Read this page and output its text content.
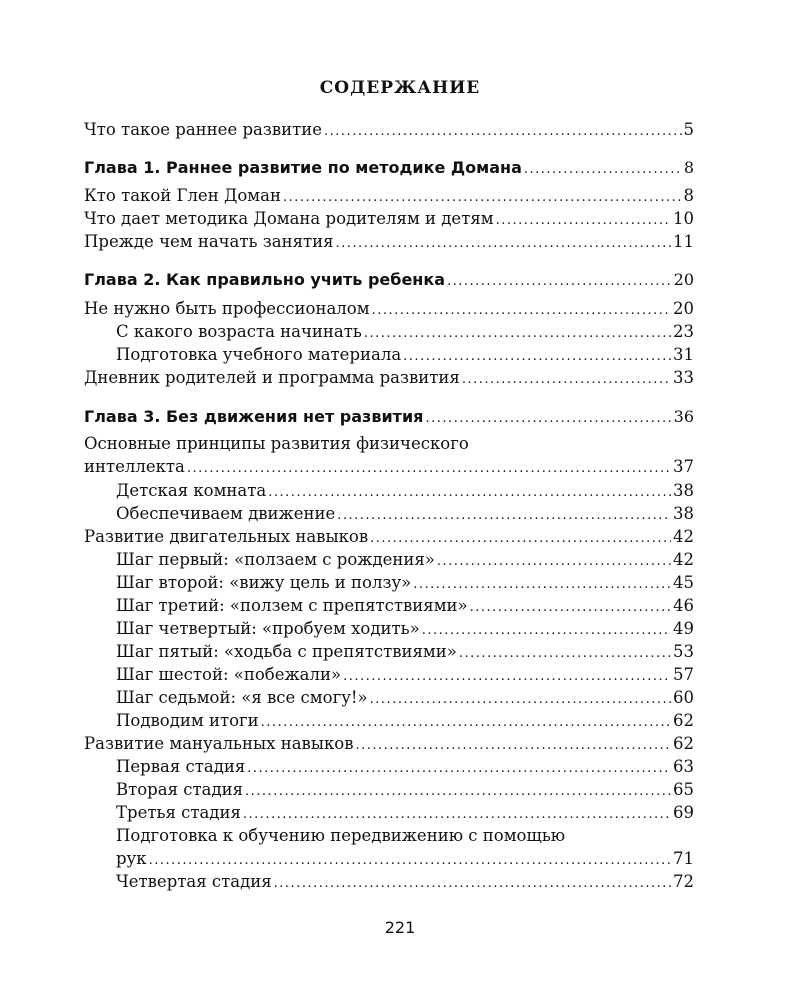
СОДЕРЖАНИЕ
Что такое раннее развитие .....	5
Глава 1. Раннее развитие по методике Домана .....	8
Кто такой Глен Доман .....	8
Что дает методика Домана родителям и детям .....	10
Прежде чем начать занятия .....	11
Глава 2. Как правильно учить ребенка .....	20
Не нужно быть профессионалом .....	20
С какого возраста начинать .....	23
Подготовка учебного материала .....	31
Дневник родителей и программа развития .....	33
Глава 3. Без движения нет развития .....	36
Основные принципы развития физического
интеллекта .....	37
Детская комната .....	38
Обеспечиваем движение .....	38
Развитие двигательных навыков .....	42
Шаг первый: «ползаем с рождения» .....	42
Шаг второй: «вижу цель и ползу» .....	45
Шаг третий: «ползем с препятствиями» .....	46
Шаг четвертый: «пробуем ходить» .....	49
Шаг пятый: «ходьба с препятствиями» .....	53
Шаг шестой: «побежали» .....	57
Шаг седьмой: «я все смогу!» .....	60
Подводим итоги .....	62
Развитие мануальных навыков .....	62
Первая стадия .....	63
Вторая стадия .....	65
Третья стадия .....	69
Подготовка к обучению передвижению с помощью
рук .....	71
Четвертая стадия .....	72
221
